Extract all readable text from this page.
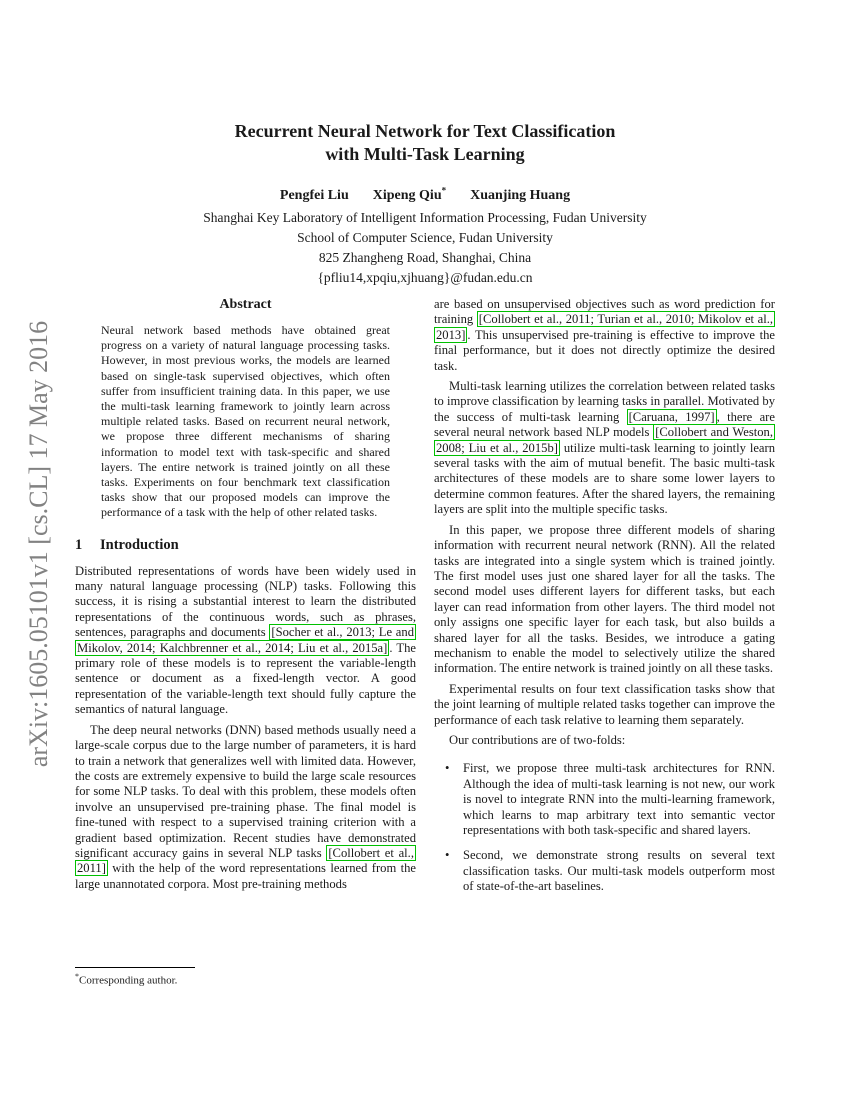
arXiv:1605.05101v1 [cs.CL] 17 May 2016
Recurrent Neural Network for Text Classification
with Multi-Task Learning
Pengfei Liu Xipeng Qiu* Xuanjing Huang
Shanghai Key Laboratory of Intelligent Information Processing, Fudan University
School of Computer Science, Fudan University
825 Zhangheng Road, Shanghai, China
{pfliu14,xpqiu,xjhuang}@fudan.edu.cn
Abstract

Neural network based methods have obtained great progress on a variety of natural language processing tasks. However, in most previous works, the models are learned based on single-task supervised objectives, which often suffer from insufficient training data. In this paper, we use the multi-task learning framework to jointly learn across multiple related tasks. Based on recurrent neural network, we propose three different mechanisms of sharing information to model text with task-specific and shared layers. The entire network is trained jointly on all these tasks. Experiments on four benchmark text classification tasks show that our proposed models can improve the performance of a task with the help of other related tasks.

1 Introduction

Distributed representations of words have been widely used in many natural language processing (NLP) tasks. Following this success, it is rising a substantial interest to learn the distributed representations of the continuous words, such as phrases, sentences, paragraphs and documents [Socher et al., 2013; Le and Mikolov, 2014; Kalchbrenner et al., 2014; Liu et al., 2015a] . The primary role of these models is to represent the variable-length sentence or document as a fixed-length vector. A good representation of the variable-length text should fully capture the semantics of natural language.

The deep neural networks (DNN) based methods usually need a large-scale corpus due to the large number of parameters, it is hard to train a network that generalizes well with limited data. However, the costs are extremely expensive to build the large scale resources for some NLP tasks. To deal with this problem, these models often involve an unsupervised pre-training phase. The final model is fine-tuned with respect to a supervised training criterion with a gradient based optimization. Recent studies have demonstrated significant accuracy gains in several NLP tasks [Collobert et al., 2011] with the help of the word representations learned from the large unannotated corpora. Most pre-training methods

*Corresponding author.

are based on unsupervised objectives such as word prediction for training [Collobert et al., 2011; Turian et al., 2010; Mikolov et al., 2013] . This unsupervised pre-training is effective to improve the final performance, but it does not directly optimize the desired task.

Multi-task learning utilizes the correlation between related tasks to improve classification by learning tasks in parallel. Motivated by the success of multi-task learning [Caruana, 1997] , there are several neural network based NLP models [Collobert and Weston, 2008; Liu et al., 2015b] utilize multi-task learning to jointly learn several tasks with the aim of mutual benefit. The basic multi-task architectures of these models are to share some lower layers to determine common features. After the shared layers, the remaining layers are split into the multiple specific tasks.

In this paper, we propose three different models of sharing information with recurrent neural network (RNN). All the related tasks are integrated into a single system which is trained jointly. The first model uses just one shared layer for all the tasks. The second model uses different layers for different tasks, but each layer can read information from other layers. The third model not only assigns one specific layer for each task, but also builds a shared layer for all the tasks. Besides, we introduce a gating mechanism to enable the model to selectively utilize the shared information. The entire network is trained jointly on all these tasks.

Experimental results on four text classification tasks show that the joint learning of multiple related tasks together can improve the performance of each task relative to learning them separately.

Our contributions are of two-folds:

•	First, we propose three multi-task architectures for RNN. Although the idea of multi-task learning is not new, our work is novel to integrate RNN into the multi-learning framework, which learns to map arbitrary text into semantic vector representations with both task-specific and shared layers.
•	Second, we demonstrate strong results on several text classification tasks. Our multi-task models outperform most of state-of-the-art baselines.
